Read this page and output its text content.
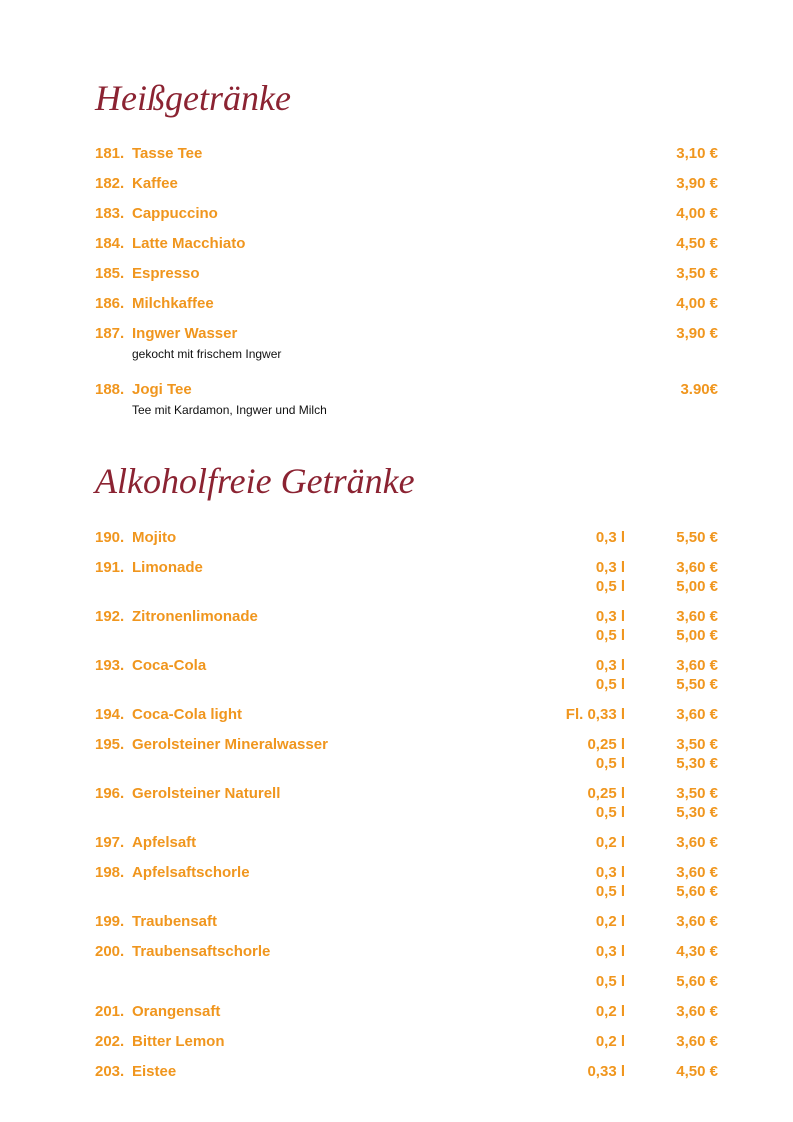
Heißgetränke
181. Tasse Tee	3,10 €
182. Kaffee	3,90 €
183. Cappuccino	4,00 €
184. Latte Macchiato	4,50 €
185. Espresso	3,50 €
186. Milchkaffee	4,00 €
187. Ingwer Wasser	3,90 €
gekocht mit frischem Ingwer
188. Jogi Tee	3.90€
Tee mit Kardamon, Ingwer und Milch
Alkoholfreie Getränke
190. Mojito	0,3 l	5,50 €
191. Limonade	0,3 l	3,60 €
0,5 l	5,00 €
192. Zitronenlimonade	0,3 l	3,60 €
0,5 l	5,00 €
193. Coca-Cola	0,3 l	3,60 €
0,5 l	5,50 €
194. Coca-Cola light	Fl. 0,33 l	3,60 €
195. Gerolsteiner Mineralwasser	0,25 l	3,50 €
0,5 l	5,30 €
196. Gerolsteiner Naturell	0,25 l	3,50 €
0,5 l	5,30 €
197. Apfelsaft	0,2 l	3,60 €
198. Apfelsaftschorle	0,3 l	3,60 €
0,5 l	5,60 €
199. Traubensaft	0,2 l	3,60 €
200. Traubensaftschorle	0,3 l	4,30 €
0,5 l	5,60 €
201. Orangensaft	0,2 l	3,60 €
202. Bitter Lemon	0,2 l	3,60 €
203. Eistee	0,33 l	4,50 €
